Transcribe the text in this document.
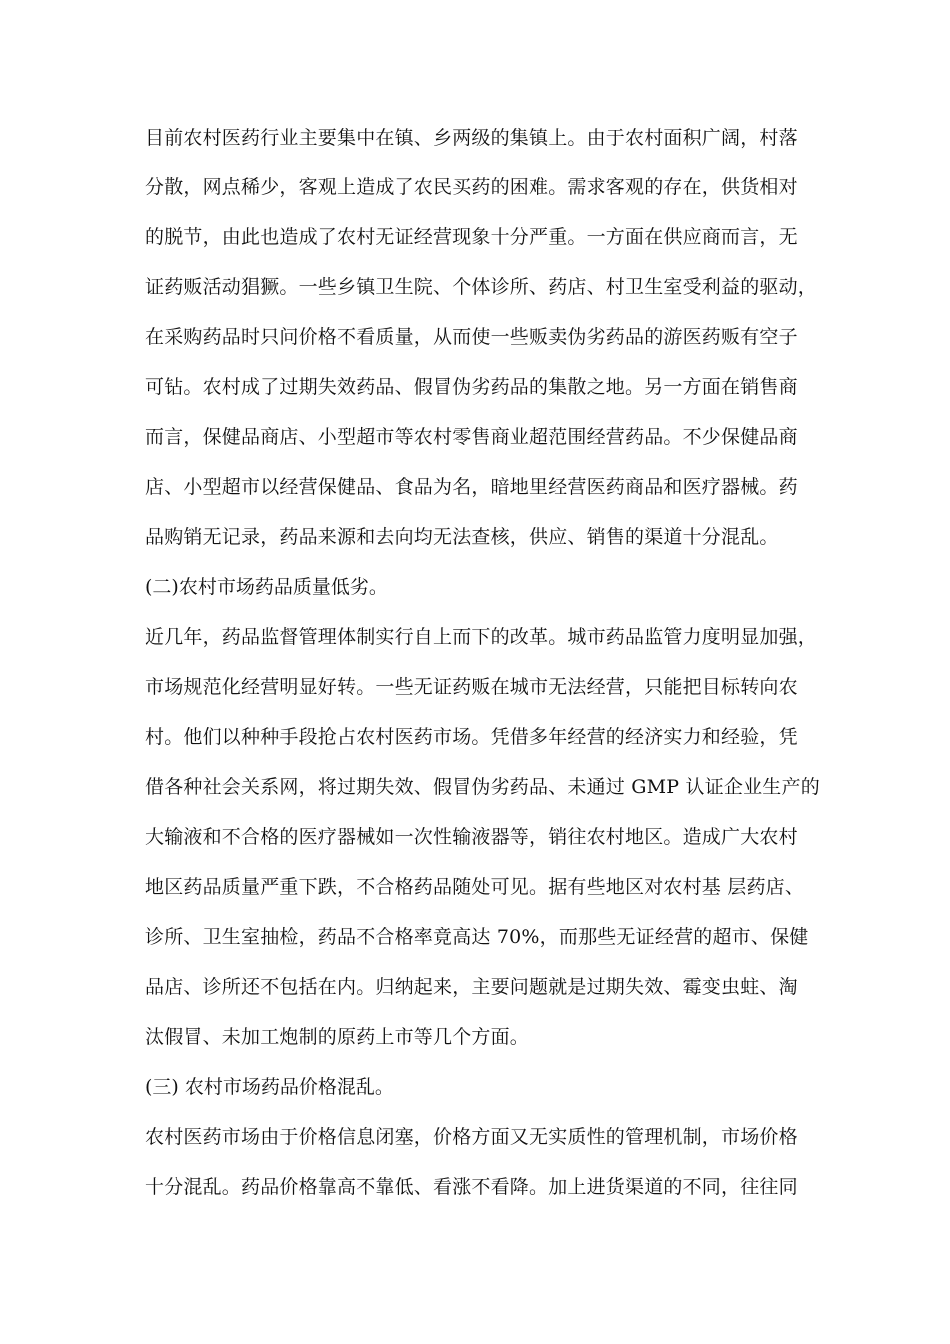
目前农村医药行业主要集中在镇、乡两级的集镇上。由于农村面积广阔，村落
分散，网点稀少，客观上造成了农民买药的困难。需求客观的存在，供货相对
的脱节，由此也造成了农村无证经营现象十分严重。一方面在供应商而言，无
证药贩活动猖獗。一些乡镇卫生院、个体诊所、药店、村卫生室受利益的驱动，
在采购药品时只问价格不看质量，从而使一些贩卖伪劣药品的游医药贩有空子
可钻。农村成了过期失效药品、假冒伪劣药品的集散之地。另一方面在销售商
而言，保健品商店、小型超市等农村零售商业超范围经营药品。不少保健品商
店、小型超市以经营保健品、食品为名，暗地里经营医药商品和医疗器械。药
品购销无记录，药品来源和去向均无法查核，供应、销售的渠道十分混乱。
(二)农村市场药品质量低劣。
近几年，药品监督管理体制实行自上而下的改革。城市药品监管力度明显加强，
市场规范化经营明显好转。一些无证药贩在城市无法经营，只能把目标转向农
村。他们以种种手段抢占农村医药市场。凭借多年经营的经济实力和经验，凭
借各种社会关系网，将过期失效、假冒伪劣药品、未通过 GMP 认证企业生产的
大输液和不合格的医疗器械如一次性输液器等，销往农村地区。造成广大农村
地区药品质量严重下跌，不合格药品随处可见。据有些地区对农村基 层药店、
诊所、卫生室抽检，药品不合格率竟高达 70%，而那些无证经营的超市、保健
品店、诊所还不包括在内。归纳起来，主要问题就是过期失效、霉变虫蛀、淘
汰假冒、未加工炮制的原药上市等几个方面。
(三) 农村市场药品价格混乱。
农村医药市场由于价格信息闭塞，价格方面又无实质性的管理机制，市场价格
十分混乱。药品价格靠高不靠低、看涨不看降。加上进货渠道的不同，往往同
